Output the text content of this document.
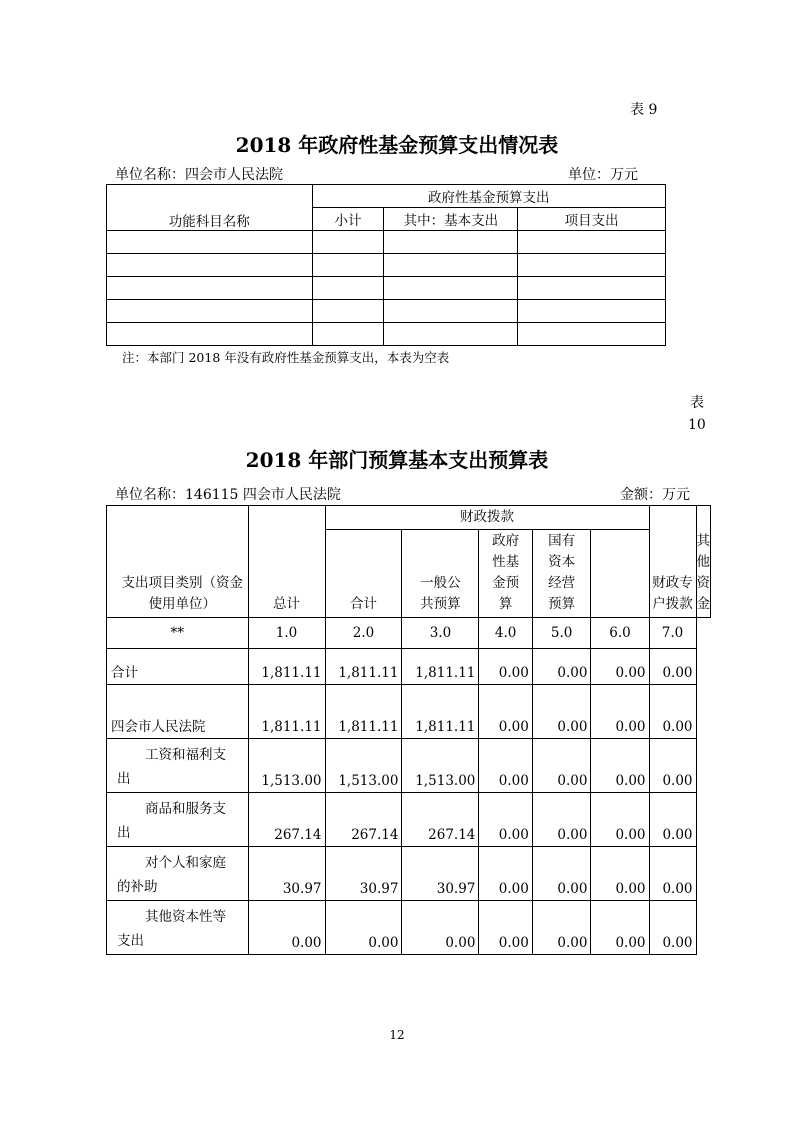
表 9
2018 年政府性基金预算支出情况表
单位名称：四会市人民法院	单位：万元
功能科目名称	政府性基金预算支出		
	小计	其中：基本支出	项目支出

注：本部门 2018 年没有政府性基金预算支出，本表为空表
表 10
2018 年部门预算基本支出预算表
单位名称：146115 四会市人民法院	金额：万元
支出项目类别（资金使用单位）	总计	财政拨款					财政专户拨款	其他资金
		合计	一般公共预算	政府性基金预算	国有资本经营预算			
**	1.0	2.0	3.0	4.0	5.0	6.0	7.0	
合计	1,811.11	1,811.11	1,811.11	0.00	0.00	0.00	0.00	
四会市人民法院	1,811.11	1,811.11	1,811.11	0.00	0.00	0.00	0.00	
工资和福利支出	1,513.00	1,513.00	1,513.00	0.00	0.00	0.00	0.00	
商品和服务支出	267.14	267.14	267.14	0.00	0.00	0.00	0.00	
对个人和家庭的补助	30.97	30.97	30.97	0.00	0.00	0.00	0.00	
其他资本性等支出	0.00	0.00	0.00	0.00	0.00	0.00	0.00	
12
